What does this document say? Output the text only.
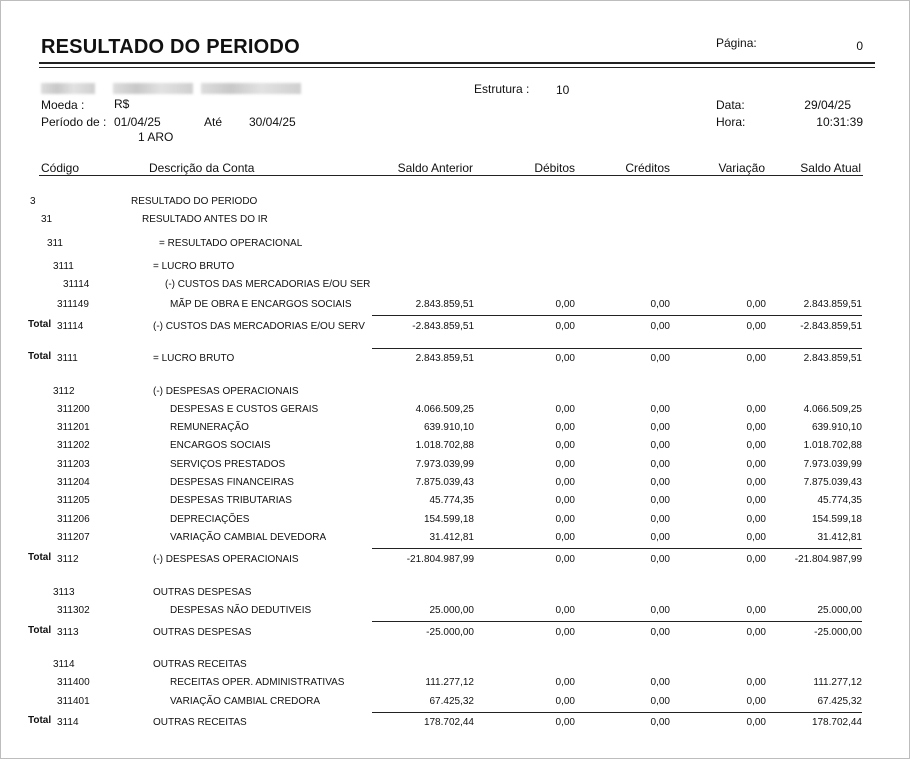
RESULTADO DO PERIODO	Página:	0
Estrutura : 10
Moeda : R$
Período de : 01/04/25	Até 30/04/25
1 ARO
Data:	29/04/25
Hora:	10:31:39
Código	Descrição da Conta	Saldo Anterior	Débitos	Créditos	Variação	Saldo Atual
3	RESULTADO DO PERIODO
31	RESULTADO ANTES DO IR
311	= RESULTADO OPERACIONAL
3111	= LUCRO BRUTO
31114	(-) CUSTOS DAS MERCADORIAS E/OU SER
311149	MÃP DE OBRA E ENCARGOS SOCIAIS	2.843.859,51	0,00	0,00	0,00	2.843.859,51
Total 31114	(-) CUSTOS DAS MERCADORIAS E/OU SERV	-2.843.859,51	0,00	0,00	0,00	-2.843.859,51
Total 3111	= LUCRO BRUTO	2.843.859,51	0,00	0,00	0,00	2.843.859,51
3112	(-) DESPESAS OPERACIONAIS
311200	DESPESAS E CUSTOS GERAIS	4.066.509,25	0,00	0,00	0,00	4.066.509,25
311201	REMUNERAÇÃO	639.910,10	0,00	0,00	0,00	639.910,10
311202	ENCARGOS SOCIAIS	1.018.702,88	0,00	0,00	0,00	1.018.702,88
311203	SERVIÇOS PRESTADOS	7.973.039,99	0,00	0,00	0,00	7.973.039,99
311204	DESPESAS FINANCEIRAS	7.875.039,43	0,00	0,00	0,00	7.875.039,43
311205	DESPESAS TRIBUTARIAS	45.774,35	0,00	0,00	0,00	45.774,35
311206	DEPRECIAÇÕES	154.599,18	0,00	0,00	0,00	154.599,18
311207	VARIAÇÃO CAMBIAL DEVEDORA	31.412,81	0,00	0,00	0,00	31.412,81
Total 3112	(-) DESPESAS OPERACIONAIS	-21.804.987,99	0,00	0,00	0,00	-21.804.987,99
3113	OUTRAS DESPESAS
311302	DESPESAS NÃO DEDUTIVEIS	25.000,00	0,00	0,00	0,00	25.000,00
Total 3113	OUTRAS DESPESAS	-25.000,00	0,00	0,00	0,00	-25.000,00
3114	OUTRAS RECEITAS
311400	RECEITAS OPER. ADMINISTRATIVAS	111.277,12	0,00	0,00	0,00	111.277,12
311401	VARIAÇÃO CAMBIAL CREDORA	67.425,32	0,00	0,00	0,00	67.425,32
Total 3114	OUTRAS RECEITAS	178.702,44	0,00	0,00	0,00	178.702,44
